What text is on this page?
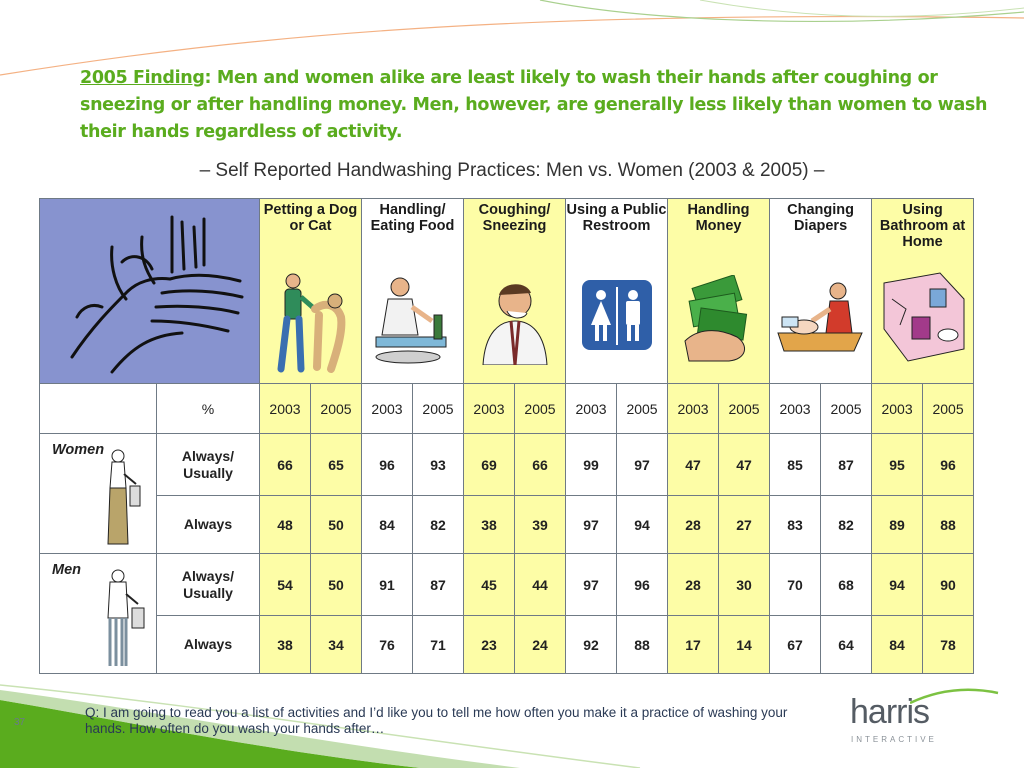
2005 Finding: Men and women alike are least likely to wash their hands after coughing or sneezing or after handling money. Men, however, are generally less likely than women to wash their hands regardless of activity.
– Self Reported Handwashing Practices: Men vs. Women (2003 & 2005) –

Petting a Dog or Cat		Handling/ Eating Food		Coughing/ Sneezing		Using a Public Restroom		Handling Money		Changing Diapers		Using Bathroom at Home	

	%	2003	2005	2003	2005	2003	2005	2003	2005	2003	2005	2003	2005	2003	2005

Women	Always/ Usually	66	65	96	93	69	66	99	97	47	47	85	87	95	96
	Always	48	50	84	82	38	39	97	94	28	27	83	82	89	88

Men	Always/ Usually	54	50	91	87	45	44	97	96	28	30	70	68	94	90
	Always	38	34	76	71	23	24	92	88	17	14	67	64	84	78
37
Q: I am going to read you a list of activities and I’d like you to tell me how often you make it a practice of washing your hands. How often do you wash your hands after…	harris
INTERACTIVE
